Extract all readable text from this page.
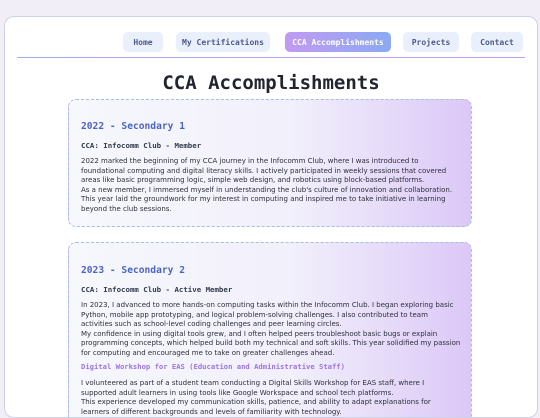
Home	My Certifications	CCA Accomplishments	Projects	Contact
CCA Accomplishments
2022 - Secondary 1
CCA: Infocomm Club - Member

2022 marked the beginning of my CCA journey in the Infocomm Club, where I was introduced to foundational computing and digital literacy skills. I actively participated in weekly sessions that covered areas like basic programming logic, simple web design, and robotics using block-based platforms.

As a new member, I immersed myself in understanding the club's culture of innovation and collaboration. This year laid the groundwork for my interest in computing and inspired me to take initiative in learning beyond the club sessions.

2023 - Secondary 2
CCA: Infocomm Club - Active Member

In 2023, I advanced to more hands-on computing tasks within the Infocomm Club. I began exploring basic Python, mobile app prototyping, and logical problem-solving challenges. I also contributed to team activities such as school-level coding challenges and peer learning circles.

My confidence in using digital tools grew, and I often helped peers troubleshoot basic bugs or explain programming concepts, which helped build both my technical and soft skills. This year solidified my passion for computing and encouraged me to take on greater challenges ahead.

Digital Workshop for EAS (Education and Administrative Staff)

I volunteered as part of a student team conducting a Digital Skills Workshop for EAS staff, where I supported adult learners in using tools like Google Workspace and school tech platforms.

This experience developed my communication skills, patience, and ability to adapt explanations for learners of different backgrounds and levels of familiarity with technology.
